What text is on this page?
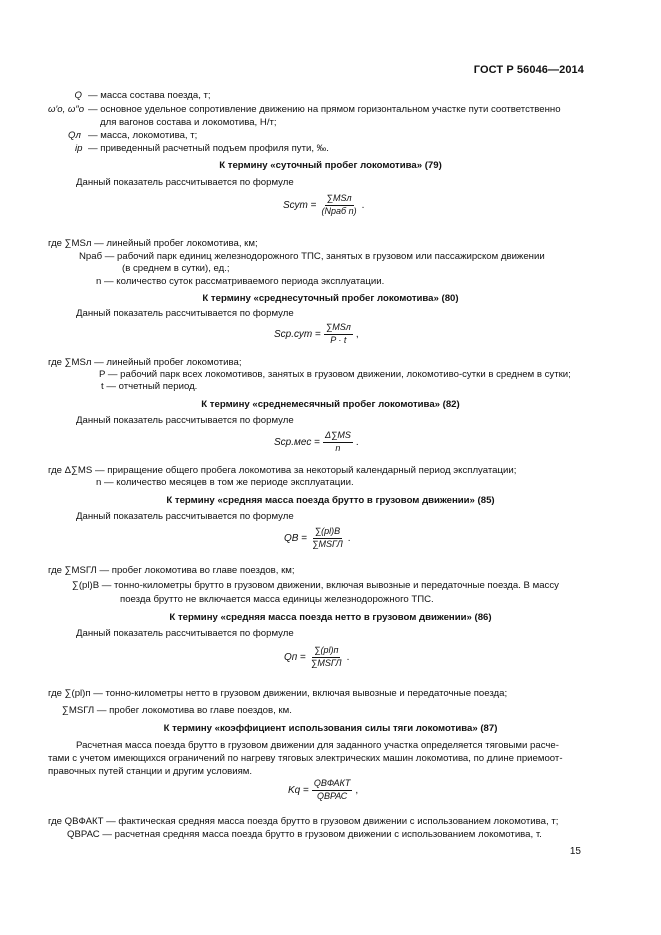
ГОСТ Р 56046—2014
Q — масса состава поезда, т;
ω′о, ω″о — основное удельное сопротивление движению на прямом горизонтальном участке пути соответственно
для вагонов состава и локомотива, Н/т;
Qл — масса, локомотива, т;
iр — приведенный расчетный подъем профиля пути, ‰.
К термину «суточный пробег локомотива» (79)
Данный показатель рассчитывается по формуле
Sсут = $\frac{\text{∑MSл}}{\text{(Nраб n)}}$ .
где ∑MSл — линейный пробег локомотива, км;
Nраб — рабочий парк единиц железнодорожного ТПС, занятых в грузовом или пассажирском движении
(в среднем в сутки), ед.;
n — количество суток рассматриваемого периода эксплуатации.
К термину «среднесуточный пробег локомотива» (80)
Данный показатель рассчитывается по формуле
$Sср.сут = \frac{\text{∑MSл}}{P \cdot t}$ ,
где ∑MSл — линейный пробег локомотива;
P — рабочий парк всех локомотивов, занятых в грузовом движении, локомотиво-сутки в среднем в сутки;
t — отчетный период.
К термину «среднемесячный пробег локомотива» (82)
Данный показатель рассчитывается по формуле
$Sср.мес = \frac{\Delta\sum MS}{n}$ .
где Δ∑MS — приращение общего пробега локомотива за некоторый календарный период эксплуатации;
n — количество месяцев в том же периоде эксплуатации.
К термину «средняя масса поезда брутто в грузовом движении» (85)
Данный показатель рассчитывается по формуле
QB = $\frac{\sum(pl)B}{\text{∑MSГЛ}}$ .
где ∑MSГЛ — пробег локомотива во главе поездов, км;
∑(pl)B — тонно-километры брутто в грузовом движении, включая вывозные и передаточные поезда. В массу
поезда брутто не включается масса единицы железнодорожного ТПС.
К термину «средняя масса поезда нетто в грузовом движении» (86)
Данный показатель рассчитывается по формуле
Qп = $\frac{\sum(pl)п}{\text{∑MSГЛ}}$ .
где ∑(pl)п — тонно-километры нетто в грузовом движении, включая вывозные и передаточные поезда;
∑MSГЛ — пробег локомотива во главе поездов, км.
К термину «коэффициент использования силы тяги локомотива» (87)
Расчетная масса поезда брутто в грузовом движении для заданного участка определяется тяговыми расче-
тами с учетом имеющихся ограничений по нагреву тяговых электрических машин локомотива, по длине приемоот-
правочных путей станции и другим условиям.
$Kq = \frac{\text{QBФАКТ}}{\text{QBРАС}}$ ,
где QBФАКТ — фактическая средняя масса поезда брутто в грузовом движении с использованием локомотива, т;
QBРАС — расчетная средняя масса поезда брутто в грузовом движении с использованием локомотива, т.
15
